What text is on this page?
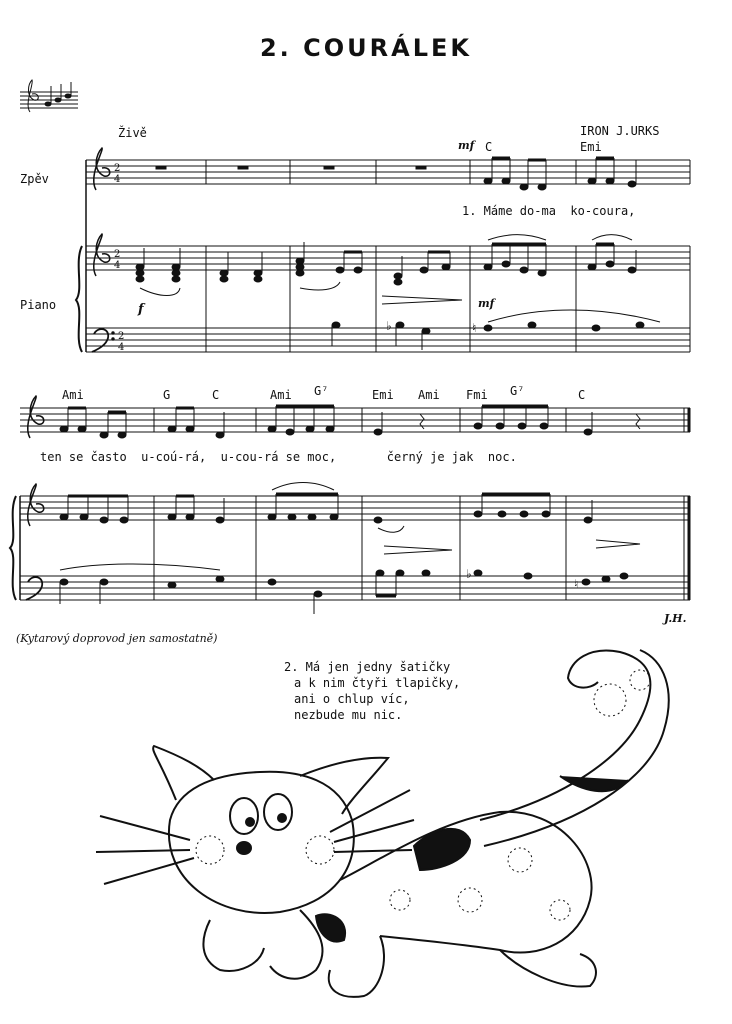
2. COURÁLEK
Živě	IRON J.URKS
Zpěv
Piano
mf C	Emi
1. Máme do-ma  ko-coura,
f	mf
Ami	G	C	Ami G⁷	Emi Ami Fmi G⁷	C
ten se často  u-coú-rá,  u-cou-rá se moc,       černý je jak  noc.
J.H.
(Kytarový doprovod jen samostatně)
2. Má jen jedny šatičky
a k nim čtyři tlapičky,
ani o chlup víc,
nezbude mu nic.
2
4
2
4
2
4
♭	♮
♭
♮
